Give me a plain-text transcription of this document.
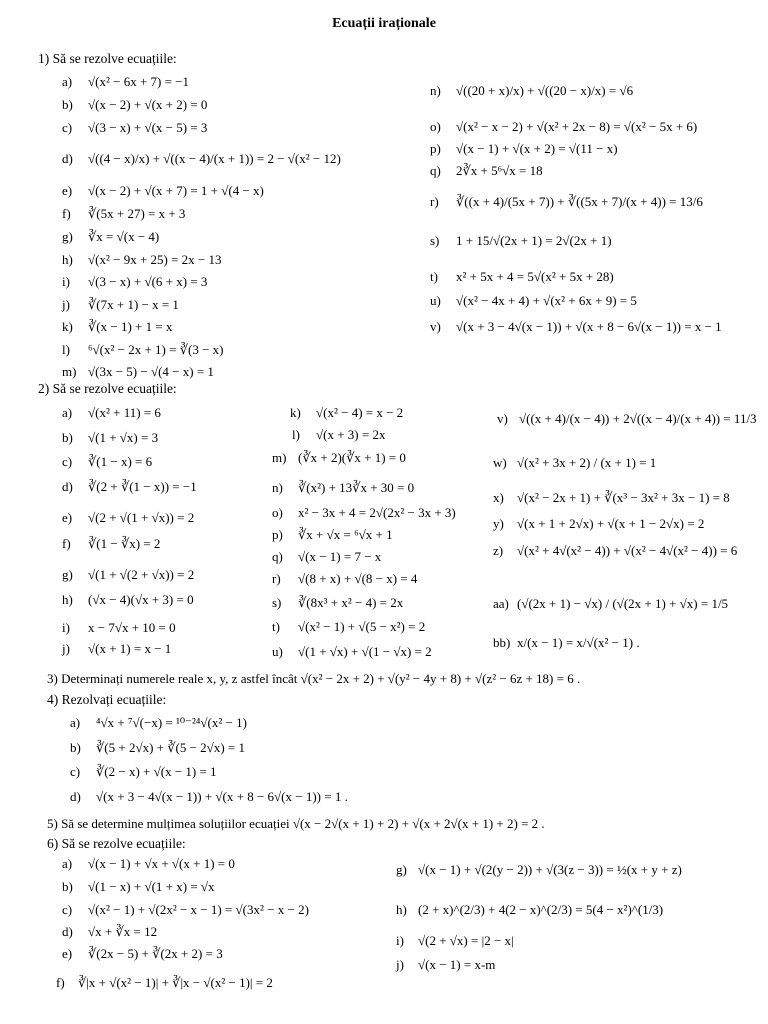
Ecuații iraționale
1) Să se rezolve ecuațiile:
a) √(x² − 6x + 7) = −1
b) √(x − 2) + √(x + 2) = 0
c) √(3 − x) + √(x − 5) = 3
d) √((4 − x)/x) + √((x − 4)/(x + 1)) = 2 − √(x² − 12)
e) √(x − 2) + √(x + 7) = 1 + √(4 − x)
f) ∛(5x + 27) = x + 3
g) ∛x = √(x − 4)
h) √(x² − 9x + 25) = 2x − 13
i) √(3 − x) + √(6 + x) = 3
j) ∛(7x + 1) − x = 1
k) ∛(x − 1) + 1 = x
l) ⁶√(x² − 2x + 1) = ∛(3 − x)
m) √(3x − 5) − √(4 − x) = 1
n) √((20 + x)/x) + √((20 − x)/x) = √6
o) √(x² − x − 2) + √(x² + 2x − 8) = √(x² − 5x + 6)
p) √(x − 1) + √(x + 2) = √(11 − x)
q) 2∛x + 5⁶√x = 18
r) ∛((x + 4)/(5x + 7)) + ∛((5x + 7)/(x + 4)) = 13/6
s) 1 + 15/√(2x + 1) = 2√(2x + 1)
t) x² + 5x + 4 = 5√(x² + 5x + 28)
u) √(x² − 4x + 4) + √(x² + 6x + 9) = 5
v) √(x + 3 − 4√(x − 1)) + √(x + 8 − 6√(x − 1)) = x − 1
2) Să se rezolve ecuațiile:
a) √(x² + 11) = 6
b) √(1 + √x) = 3
c) ∛(1 − x) = 6
d) ∛(2 + ∛(1 − x)) = −1
e) √(2 + √(1 + √x)) = 2
f) ∛(1 − ∛x) = 2
g) √(1 + √(2 + √x)) = 2
h) (√x − 4)(√x + 3) = 0
i) x − 7√x + 10 = 0
j) √(x + 1) = x − 1
k) √(x² − 4) = x − 2
l) √(x + 3) = 2x
m) (∛x + 2)(∛x + 1) = 0
n) ∛(x²) + 13∛x + 30 = 0
o) x² − 3x + 4 = 2√(2x² − 3x + 3)
p) ∛x + √x = ⁶√x + 1
q) √(x − 1) = 7 − x
r) √(8 + x) + √(8 − x) = 4
s) ∛(8x³ + x² − 4) = 2x
t) √(x² − 1) + √(5 − x²) = 2
u) √(1 + √x) + √(1 − √x) = 2
v) √((x + 4)/(x − 4)) + 2√((x − 4)/(x + 4)) = 11/3
w) √(x² + 3x + 2) / (x + 1) = 1
x) √(x² − 2x + 1) + ∛(x³ − 3x² + 3x − 1) = 8
y) √(x + 1 + 2√x) + √(x + 1 − 2√x) = 2
z) √(x² + 4√(x² − 4)) + √(x² − 4√(x² − 4)) = 6
aa) (√(2x + 1) − √x) / (√(2x + 1) + √x) = 1/5
bb) x/(x − 1) = x/√(x² − 1) .
3) Determinați numerele reale x, y, z astfel încât √(x² − 2x + 2) + √(y² − 4y + 8) + √(z² − 6z + 18) = 6 .
4) Rezolvați ecuațiile:
a) ⁴√x + ⁷√(−x) = ¹⁰⁻²⁴√(x² − 1)
b) ∛(5 + 2√x) + ∛(5 − 2√x) = 1
c) ∛(2 − x) + √(x − 1) = 1
d) √(x + 3 − 4√(x − 1)) + √(x + 8 − 6√(x − 1)) = 1 .
5) Să se determine mulțimea soluțiilor ecuației √(x − 2√(x + 1) + 2) + √(x + 2√(x + 1) + 2) = 2 .
6) Să se rezolve ecuațiile:
a) √(x − 1) + √x + √(x + 1) = 0
b) √(1 − x) + √(1 + x) = √x
c) √(x² − 1) + √(2x² − x − 1) = √(3x² − x − 2)
d) √x + ∛x = 12
e) ∛(2x − 5) + ∛(2x + 2) = 3
f) ∛|x + √(x² − 1)| + ∛|x − √(x² − 1)| = 2
g) √(x − 1) + √(2(y − 2)) + √(3(z − 3)) = ½(x + y + z)
h) (2 + x)^(2/3) + 4(2 − x)^(2/3) = 5(4 − x²)^(1/3)
i) √(2 + √x) = |2 − x|
j) √(x − 1) = x-m
